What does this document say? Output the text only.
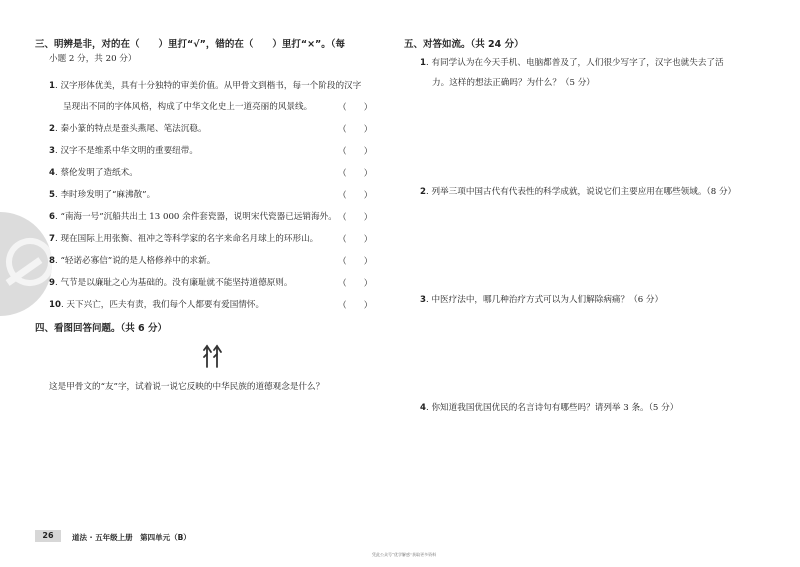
三、明辨是非，对的在（　　）里打“√”，错的在（　　）里打“×”。（每
小题 2 分，共 20 分）
1. 汉字形体优美，具有十分独特的审美价值。从甲骨文到楷书，每一个阶段的汉字
呈现出不同的字体风格，构成了中华文化史上一道亮丽的风景线。	（　　）
2. 秦小篆的特点是蚕头燕尾、笔法沉稳。	（　　）
3. 汉字不是维系中华文明的重要纽带。	（　　）
4. 蔡伦发明了造纸术。	（　　）
5. 李时珍发明了“麻沸散”。	（　　）
6. “南海一号”沉船共出土 13 000 余件套瓷器，说明宋代瓷器已远销海外。 （　　）
7. 现在国际上用张衡、祖冲之等科学家的名字来命名月球上的环形山。 （　　）
8. “轻诺必寡信”说的是人格修养中的求新。	（　　）
9. 气节是以廉耻之心为基础的。没有廉耻就不能坚持道德原则。	（　　）
10. 天下兴亡，匹夫有责，我们每个人都要有爱国情怀。	（　　）
四、看图回答问题。（共 6 分）
这是甲骨文的“友”字，试着说一说它反映的中华民族的道德观念是什么？
26	道法 · 五年级上册　第四单元（B）
五、对答如流。（共 24 分）
1. 有同学认为在今天手机、电脑都普及了，人们很少写字了，汉字也就失去了活
力。这样的想法正确吗？为什么？（5 分）
2. 列举三项中国古代有代表性的科学成就，说说它们主要应用在哪些领域。（8 分）
3. 中医疗法中，哪几种治疗方式可以为人们解除病痛？（6 分）
4. 你知道我国优国优民的名言诗句有哪些吗？请列举 3 条。（5 分）
凭此公众号“优学解惑”获取更多资料
